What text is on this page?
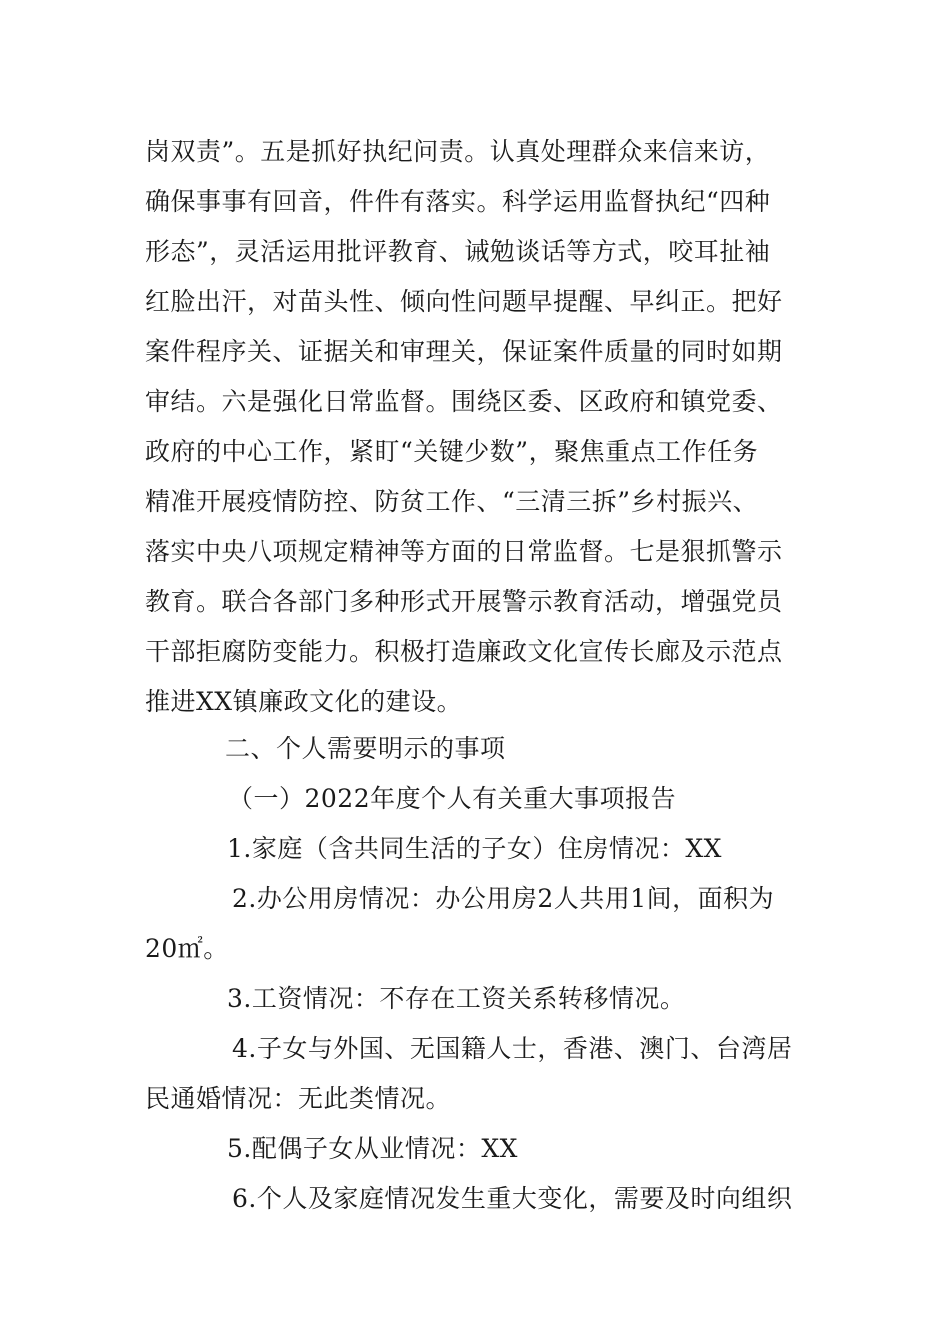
岗双责”。五是抓好执纪问责。认真处理群众来信来访，
确保事事有回音，件件有落实。科学运用监督执纪“四种
形态”，灵活运用批评教育、诫勉谈话等方式，咬耳扯袖
红脸出汗，对苗头性、倾向性问题早提醒、早纠正。把好
案件程序关、证据关和审理关，保证案件质量的同时如期
审结。六是强化日常监督。围绕区委、区政府和镇党委、
政府的中心工作，紧盯“关键少数”，聚焦重点工作任务
精准开展疫情防控、防贫工作、“三清三拆”乡村振兴、
落实中央八项规定精神等方面的日常监督。七是狠抓警示
教育。联合各部门多种形式开展警示教育活动，增强党员
干部拒腐防变能力。积极打造廉政文化宣传长廊及示范点
推进XX镇廉政文化的建设。
二、个人需要明示的事项
（一）2022年度个人有关重大事项报告
1.家庭（含共同生活的子女）住房情况：XX
2.办公用房情况：办公用房2人共用1间，面积为
20㎡。
3.工资情况：不存在工资关系转移情况。
4.子女与外国、无国籍人士，香港、澳门、台湾居
民通婚情况：无此类情况。
5.配偶子女从业情况：XX
6.个人及家庭情况发生重大变化，需要及时向组织
